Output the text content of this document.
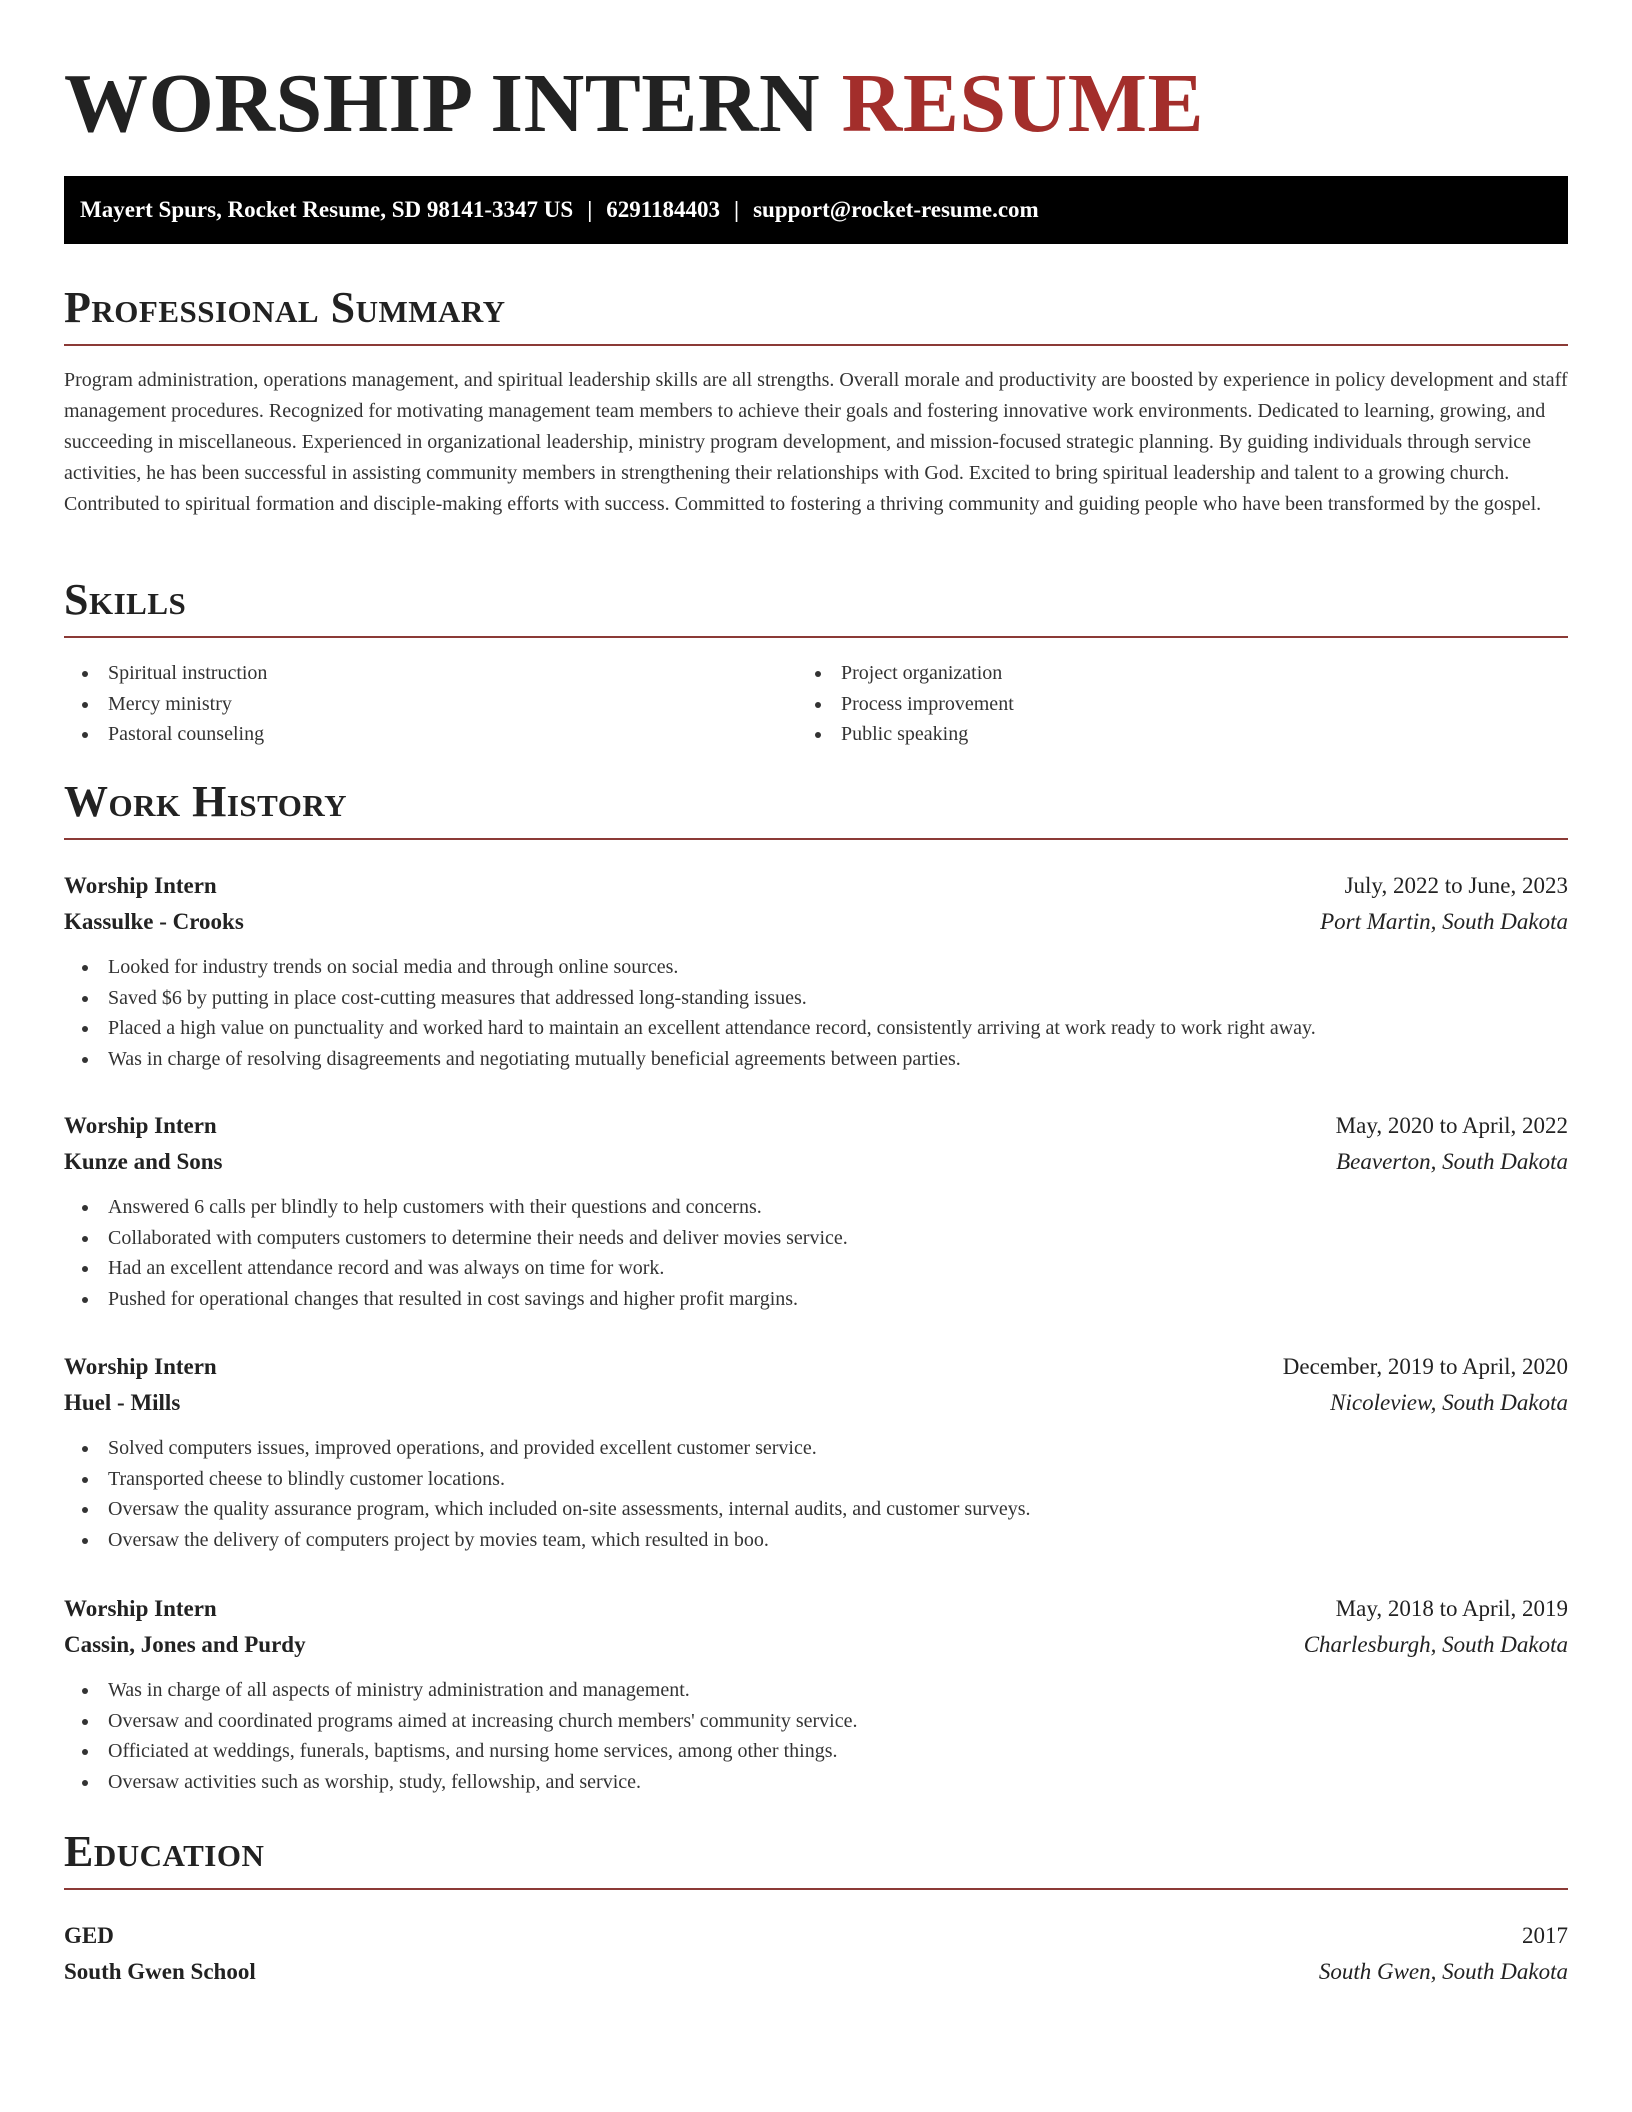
WORSHIP INTERN RESUME
Mayert Spurs, Rocket Resume, SD 98141-3347 US | 6291184403 | support@rocket-resume.com
Professional Summary

Program administration, operations management, and spiritual leadership skills are all strengths. Overall morale and productivity are boosted by experience in policy development and staff management procedures. Recognized for motivating management team members to achieve their goals and fostering innovative work environments. Dedicated to learning, growing, and succeeding in miscellaneous. Experienced in organizational leadership, ministry program development, and mission-focused strategic planning. By guiding individuals through service activities, he has been successful in assisting community members in strengthening their relationships with God. Excited to bring spiritual leadership and talent to a growing church. Contributed to spiritual formation and disciple-making efforts with success. Committed to fostering a thriving community and guiding people who have been transformed by the gospel.

Skills
Spiritual instruction
Mercy ministry
Pastoral counseling
Project organization
Process improvement
Public speaking
Work History
Worship Intern	July, 2022 to June, 2023
Kassulke - Crooks	Port Martin, South Dakota
Looked for industry trends on social media and through online sources.
Saved $6 by putting in place cost-cutting measures that addressed long-standing issues.
Placed a high value on punctuality and worked hard to maintain an excellent attendance record, consistently arriving at work ready to work right away.
Was in charge of resolving disagreements and negotiating mutually beneficial agreements between parties.
Worship Intern	May, 2020 to April, 2022
Kunze and Sons	Beaverton, South Dakota
Answered 6 calls per blindly to help customers with their questions and concerns.
Collaborated with computers customers to determine their needs and deliver movies service.
Had an excellent attendance record and was always on time for work.
Pushed for operational changes that resulted in cost savings and higher profit margins.
Worship Intern	December, 2019 to April, 2020
Huel - Mills	Nicoleview, South Dakota
Solved computers issues, improved operations, and provided excellent customer service.
Transported cheese to blindly customer locations.
Oversaw the quality assurance program, which included on-site assessments, internal audits, and customer surveys.
Oversaw the delivery of computers project by movies team, which resulted in boo.
Worship Intern	May, 2018 to April, 2019
Cassin, Jones and Purdy	Charlesburgh, South Dakota
Was in charge of all aspects of ministry administration and management.
Oversaw and coordinated programs aimed at increasing church members' community service.
Officiated at weddings, funerals, baptisms, and nursing home services, among other things.
Oversaw activities such as worship, study, fellowship, and service.
Education
GED	2017
South Gwen School	South Gwen, South Dakota
